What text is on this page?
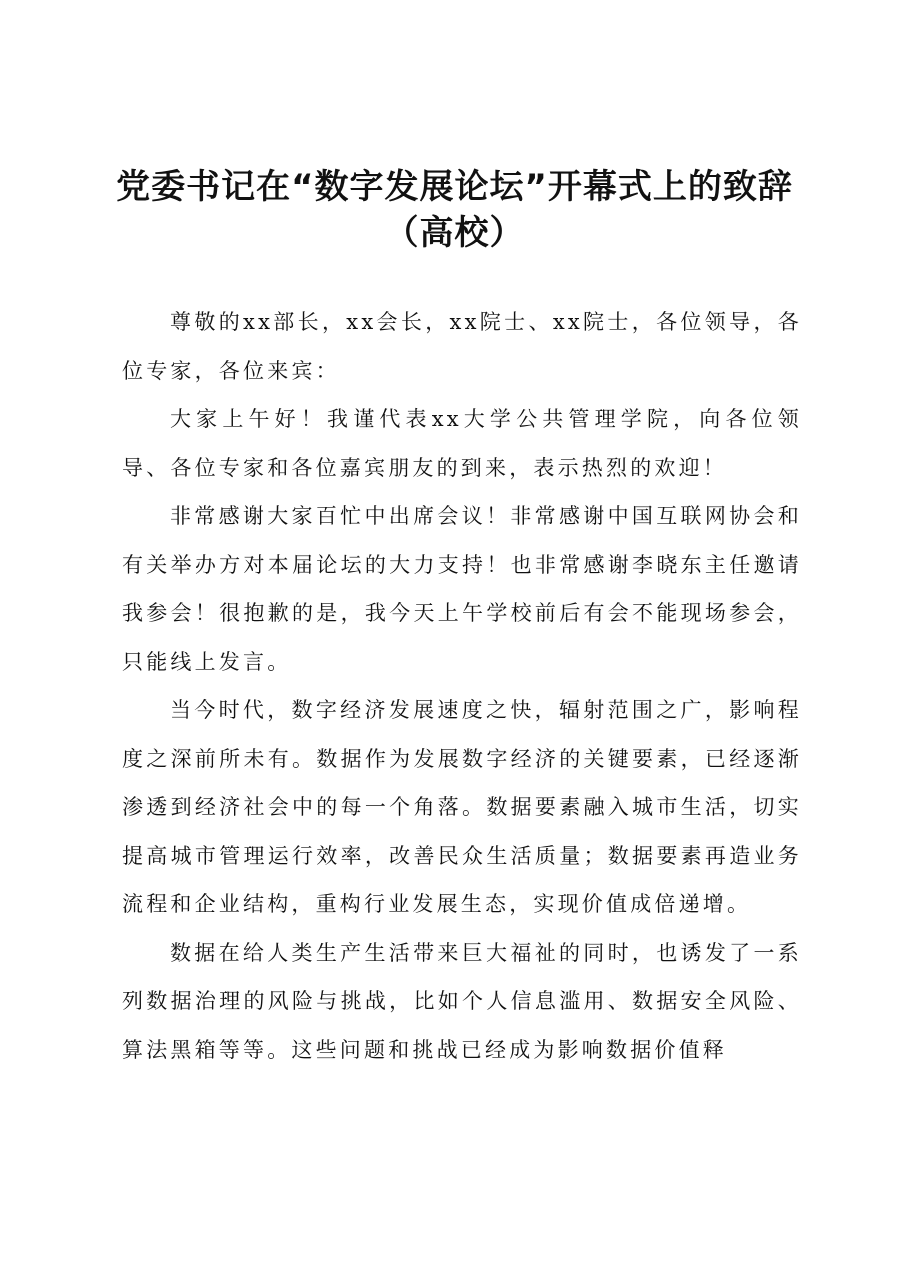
党委书记在“数字发展论坛”开幕式上的致辞
（高校）

尊敬的xx部长，xx会长，xx院士、xx院士，各位领导，各位专家，各位来宾：

大家上午好！我谨代表xx大学公共管理学院，向各位领导、各位专家和各位嘉宾朋友的到来，表示热烈的欢迎！

非常感谢大家百忙中出席会议！非常感谢中国互联网协会和有关举办方对本届论坛的大力支持！也非常感谢李晓东主任邀请我参会！很抱歉的是，我今天上午学校前后有会不能现场参会，只能线上发言。

当今时代，数字经济发展速度之快，辐射范围之广，影响程度之深前所未有。数据作为发展数字经济的关键要素，已经逐渐渗透到经济社会中的每一个角落。数据要素融入城市生活，切实提高城市管理运行效率，改善民众生活质量；数据要素再造业务流程和企业结构，重构行业发展生态，实现价值成倍递增。

数据在给人类生产生活带来巨大福祉的同时，也诱发了一系列数据治理的风险与挑战，比如个人信息滥用、数据安全风险、算法黑箱等等。这些问题和挑战已经成为影响数据价值释
